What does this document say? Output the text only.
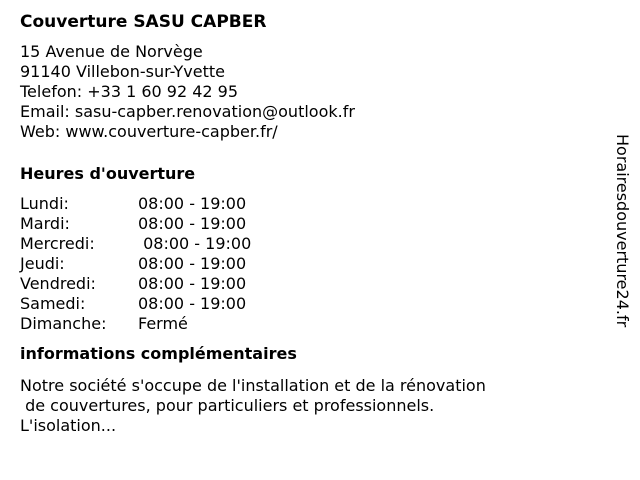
Couverture SASU CAPBER
15 Avenue de Norvège
91140 Villebon-sur-Yvette
Telefon: +33 1 60 92 42 95
Email: sasu-capber.renovation@outlook.fr
Web: www.couverture-capber.fr/
Heures d'ouverture
Lundi:	08:00 - 19:00
Mardi:	08:00 - 19:00
Mercredi:	08:00 - 19:00
Jeudi:	08:00 - 19:00
Vendredi:	08:00 - 19:00
Samedi:	08:00 - 19:00
Dimanche:	Fermé
informations complémentaires
Notre société s'occupe de l'installation et de la rénovation
de couvertures, pour particuliers et professionnels.
L'isolation...
Horairesdouverture24.fr
